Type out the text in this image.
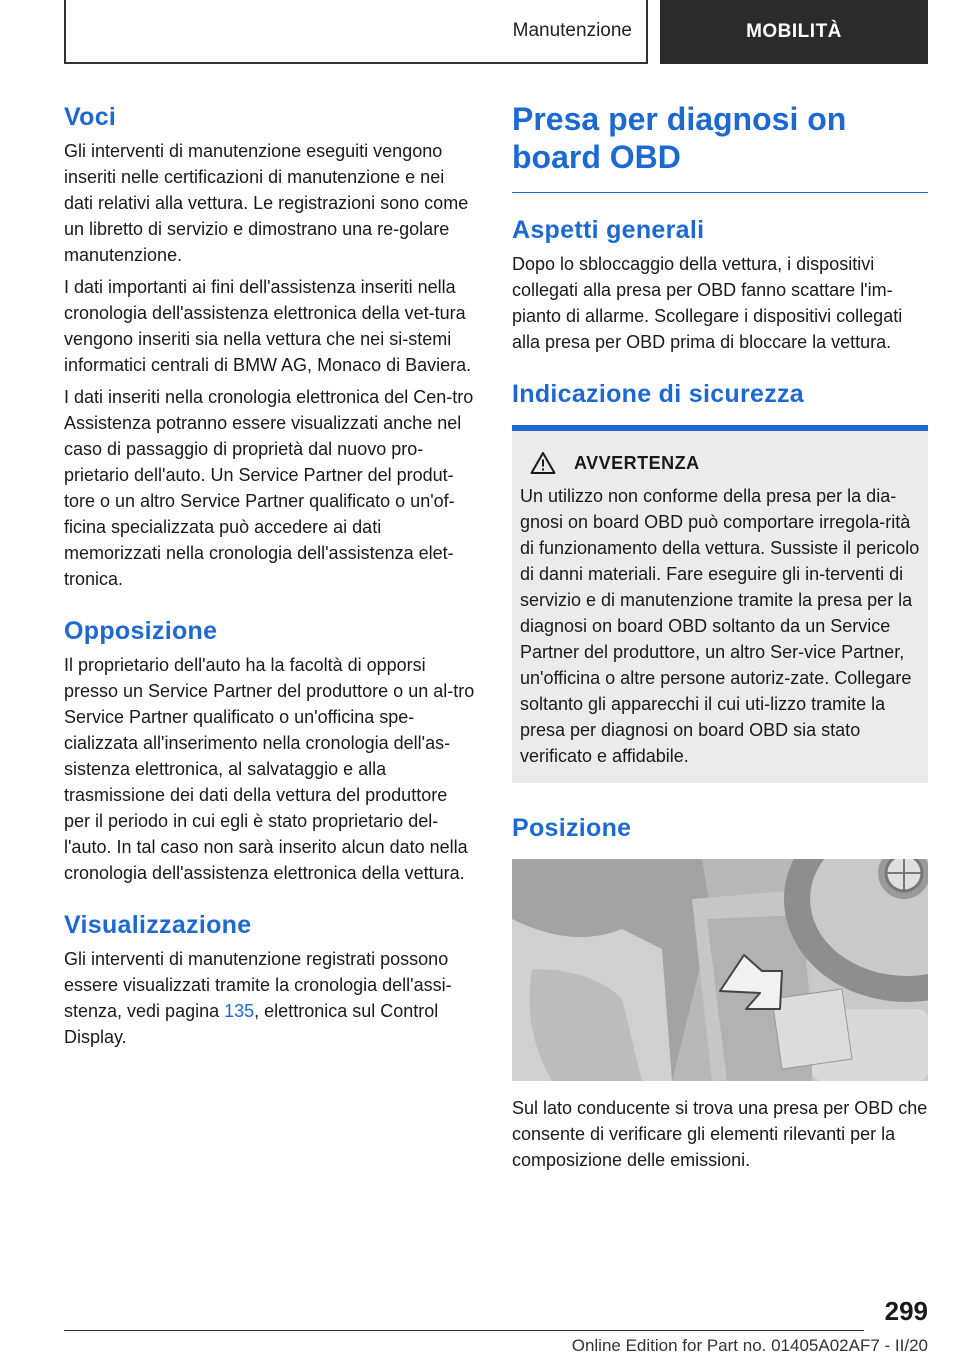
Manutenzione	MOBILITÀ
Voci

Gli interventi di manutenzione eseguiti vengono inseriti nelle certificazioni di manutenzione e nei dati relativi alla vettura. Le registrazioni sono come un libretto di servizio e dimostrano una re‐golare manutenzione.

I dati importanti ai fini dell'assistenza inseriti nella cronologia dell'assistenza elettronica della vet‐tura vengono inseriti sia nella vettura che nei si‐stemi informatici centrali di BMW AG, Monaco di Baviera.

I dati inseriti nella cronologia elettronica del Cen‐tro Assistenza potranno essere visualizzati anche nel caso di passaggio di proprietà dal nuovo pro‐prietario dell'auto. Un Service Partner del produt‐tore o un altro Service Partner qualificato o un'of‐ficina specializzata può accedere ai dati memorizzati nella cronologia dell'assistenza elet‐tronica.

Opposizione

Il proprietario dell'auto ha la facoltà di opporsi presso un Service Partner del produttore o un al‐tro Service Partner qualificato o un'officina spe‐cializzata all'inserimento nella cronologia dell'as‐sistenza elettronica, al salvataggio e alla trasmissione dei dati della vettura del produttore per il periodo in cui egli è stato proprietario del‐l'auto. In tal caso non sarà inserito alcun dato nella cronologia dell'assistenza elettronica della vettura.

Visualizzazione

Gli interventi di manutenzione registrati possono essere visualizzati tramite la cronologia dell'assi‐stenza, vedi pagina 135, elettronica sul Control Display.

Presa per diagnosi on board OBD
Aspetti generali

Dopo lo sbloccaggio della vettura, i dispositivi collegati alla presa per OBD fanno scattare l'im‐pianto di allarme. Scollegare i dispositivi collegati alla presa per OBD prima di bloccare la vettura.

Indicazione di sicurezza
AVVERTENZA

Un utilizzo non conforme della presa per la dia‐gnosi on board OBD può comportare irregola‐rità di funzionamento della vettura. Sussiste il pericolo di danni materiali. Fare eseguire gli in‐terventi di servizio e di manutenzione tramite la presa per la diagnosi on board OBD soltanto da un Service Partner del produttore, un altro Ser‐vice Partner, un'officina o altre persone autoriz‐zate. Collegare soltanto gli apparecchi il cui uti‐lizzo tramite la presa per diagnosi on board OBD sia stato verificato e affidabile.

Posizione

Sul lato conducente si trova una presa per OBD che consente di verificare gli elementi rilevanti per la composizione delle emissioni.

299
Online Edition for Part no. 01405A02AF7 - II/20
